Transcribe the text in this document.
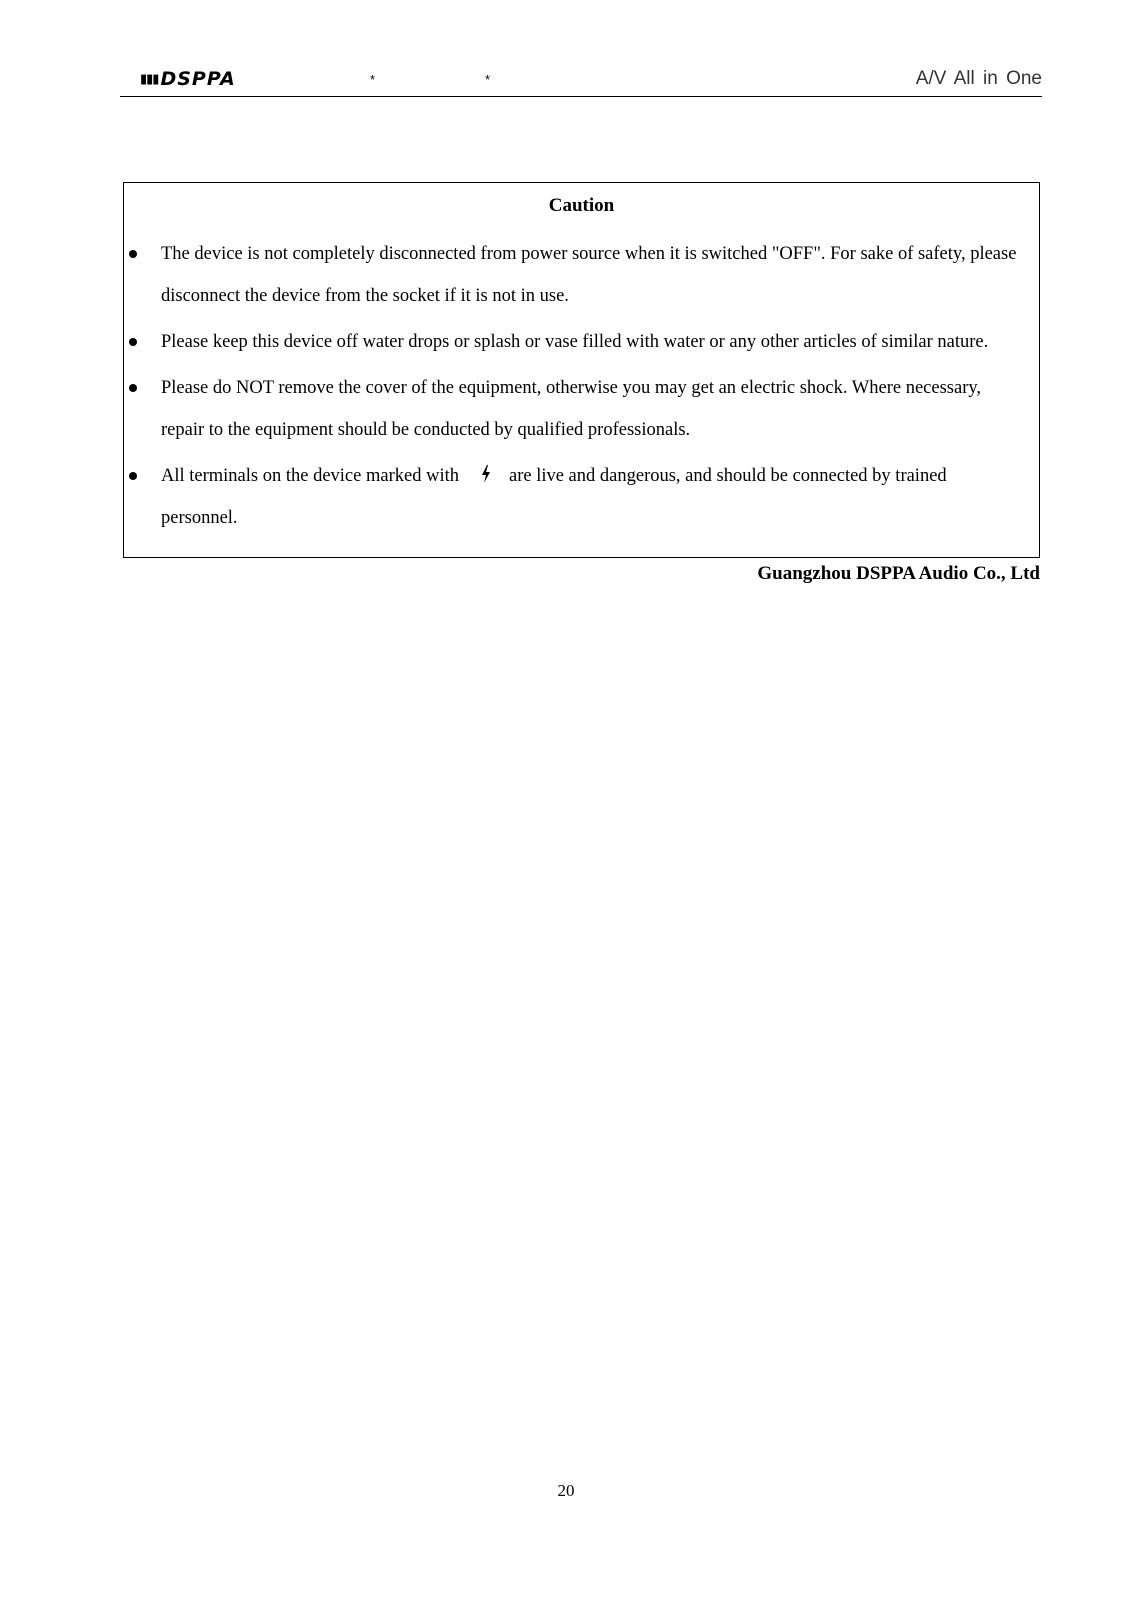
▮▮▮ DSPPA	*	*	A/V All in One
Caution
The device is not completely disconnected from power source when it is switched "OFF". For sake of safety, please disconnect the device from the socket if it is not in use.
Please keep this device off water drops or splash or vase filled with water or any other articles of similar nature.
Please do NOT remove the cover of the equipment, otherwise you may get an electric shock. Where necessary, repair to the equipment should be conducted by qualified professionals.
All terminals on the device marked with	are live and dangerous, and should be connected by trained personnel.
Guangzhou DSPPA Audio Co., Ltd
20
